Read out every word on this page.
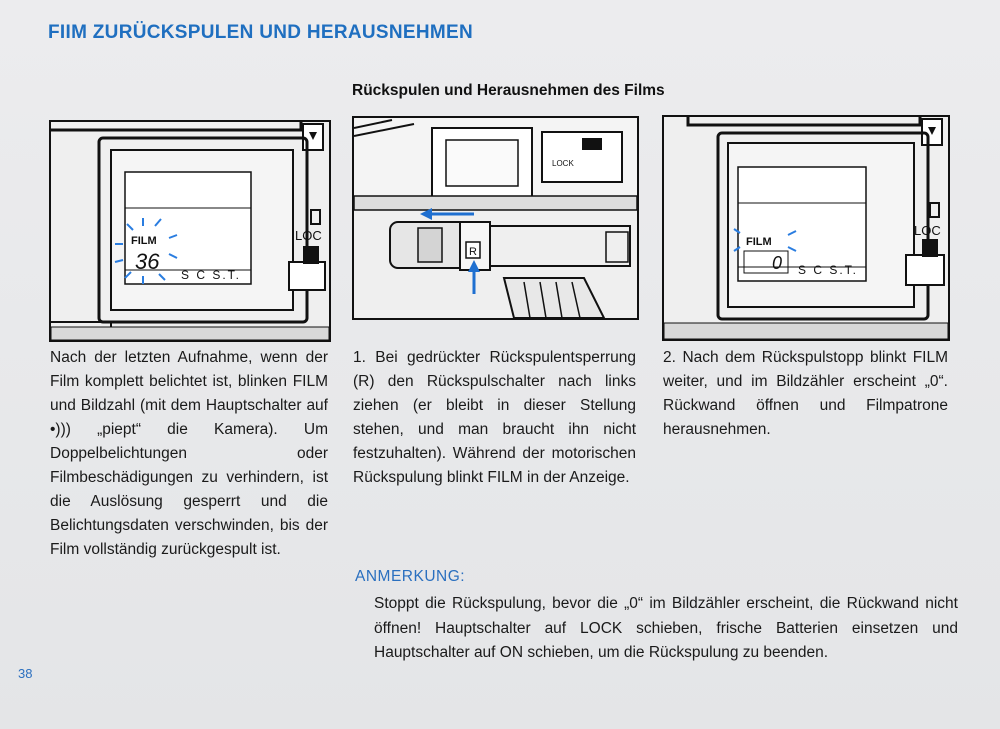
FIIM ZURÜCKSPULEN UND HERAUSNEHMEN
Rückspulen und Herausnehmen des Films
FILM
36
S C S.T.
LOC
LOCK
R
FILM
0 S C S.T.
LOC
Nach der letzten Aufnahme, wenn der Film komplett belichtet ist, blinken FILM und Bildzahl (mit dem Hauptschalter auf •))) „piept“ die Kamera). Um Doppelbelichtungen oder Filmbeschädigungen zu verhindern, ist die Auslösung gesperrt und die Belichtungsdaten verschwinden, bis der Film vollständig zurückgespult ist.
1. Bei gedrückter Rückspulentsperrung (R) den Rückspulschalter nach links ziehen (er bleibt in dieser Stellung stehen, und man braucht ihn nicht festzuhalten). Während der motorischen Rückspulung blinkt FILM in der Anzeige.
2. Nach dem Rückspulstopp blinkt FILM weiter, und im Bildzähler erscheint „0“. Rückwand öffnen und Filmpatrone herausnehmen.
ANMERKUNG:
Stoppt die Rückspulung, bevor die „0“ im Bildzähler erscheint, die Rückwand nicht öffnen! Hauptschalter auf LOCK schieben, frische Batterien einsetzen und Hauptschalter auf ON schieben, um die Rückspulung zu beenden.
38
